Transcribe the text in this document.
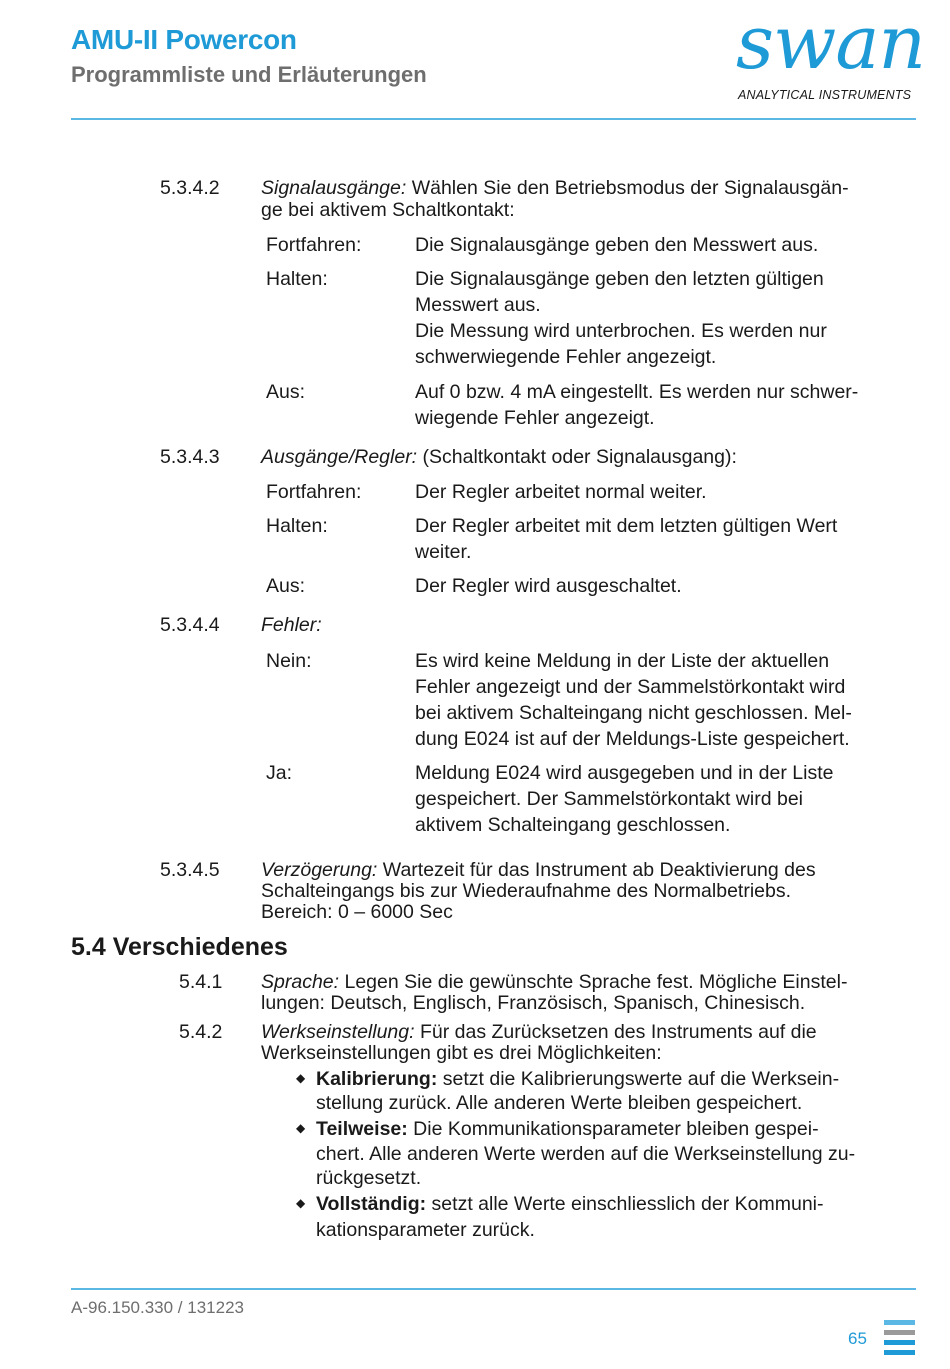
AMU-II Powercon
Programmliste und Erläuterungen	swan
ANALYTICAL INSTRUMENTS
5.3.4.2 Signalausgänge: Wählen Sie den Betriebsmodus der Signalausgän-
ge bei aktivem Schaltkontakt:
Fortfahren:	Die Signalausgänge geben den Messwert aus.
Halten:	Die Signalausgänge geben den letzten gültigen
Messwert aus.
Die Messung wird unterbrochen. Es werden nur
schwerwiegende Fehler angezeigt.
Aus:	Auf 0 bzw. 4 mA eingestellt. Es werden nur schwer-
wiegende Fehler angezeigt.
5.3.4.3 Ausgänge/Regler: (Schaltkontakt oder Signalausgang):
Fortfahren:	Der Regler arbeitet normal weiter.
Halten:	Der Regler arbeitet mit dem letzten gültigen Wert
weiter.
Aus:	Der Regler wird ausgeschaltet.
5.3.4.4 Fehler:
Nein:	Es wird keine Meldung in der Liste der aktuellen
Fehler angezeigt und der Sammelstörkontakt wird
bei aktivem Schalteingang nicht geschlossen. Mel-
dung E024 ist auf der Meldungs-Liste gespeichert.
Ja:	Meldung E024 wird ausgegeben und in der Liste
gespeichert. Der Sammelstörkontakt wird bei
aktivem Schalteingang geschlossen.
5.3.4.5 Verzögerung: Wartezeit für das Instrument ab Deaktivierung des
Schalteingangs bis zur Wiederaufnahme des Normalbetriebs.
Bereich: 0 – 6000 Sec
5.4 Verschiedenes
5.4.1 Sprache: Legen Sie die gewünschte Sprache fest. Mögliche Einstel-
lungen: Deutsch, Englisch, Französisch, Spanisch, Chinesisch.
5.4.2 Werkseinstellung: Für das Zurücksetzen des Instruments auf die
Werkseinstellungen gibt es drei Möglichkeiten:
◆ Kalibrierung: setzt die Kalibrierungswerte auf die Werksein-
stellung zurück. Alle anderen Werte bleiben gespeichert.
◆ Teilweise: Die Kommunikationsparameter bleiben gespei-
chert. Alle anderen Werte werden auf die Werkseinstellung zu-
rückgesetzt.
◆ Vollständig: setzt alle Werte einschliesslich der Kommuni-
kationsparameter zurück.
A-96.150.330 / 131223
65
